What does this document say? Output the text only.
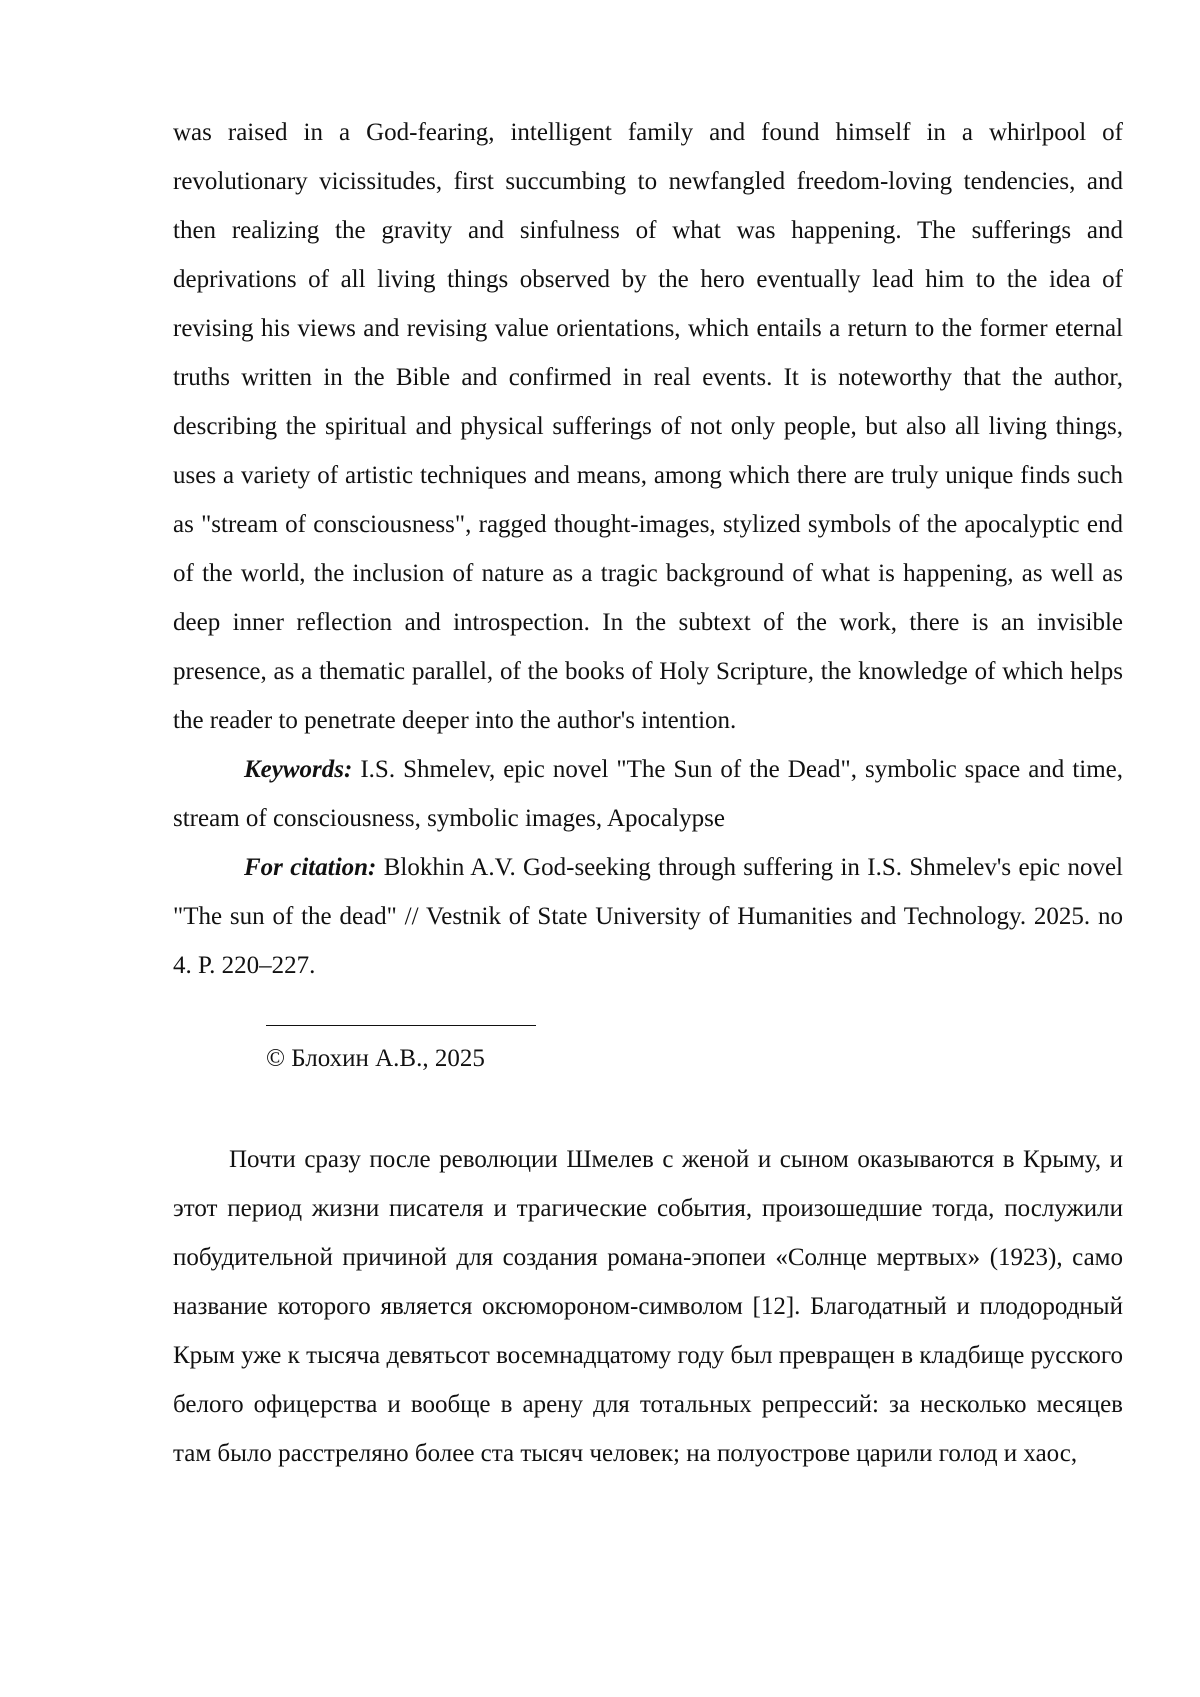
was raised in a God-fearing, intelligent family and found himself in a whirlpool of revolutionary vicissitudes, first succumbing to newfangled freedom-loving tendencies, and then realizing the gravity and sinfulness of what was happening. The sufferings and deprivations of all living things observed by the hero eventually lead him to the idea of revising his views and revising value orientations, which entails a return to the former eternal truths written in the Bible and confirmed in real events. It is noteworthy that the author, describing the spiritual and physical sufferings of not only people, but also all living things, uses a variety of artistic techniques and means, among which there are truly unique finds such as "stream of consciousness", ragged thought-images, stylized symbols of the apocalyptic end of the world, the inclusion of nature as a tragic background of what is happening, as well as deep inner reflection and introspection. In the subtext of the work, there is an invisible presence, as a thematic parallel, of the books of Holy Scripture, the knowledge of which helps the reader to penetrate deeper into the author's intention.

Keywords: I.S. Shmelev, epic novel "The Sun of the Dead", symbolic space and time, stream of consciousness, symbolic images, Apocalypse

For citation: Blokhin A.V. God-seeking through suffering in I.S. Shmelev's epic novel "The sun of the dead" // Vestnik of State University of Humanities and Technology. 2025. no 4. P. 220–227.

© Блохин А.В., 2025

Почти сразу после революции Шмелев с женой и сыном оказываются в Крыму, и этот период жизни писателя и трагические события, произошедшие тогда, послужили побудительной причиной для создания романа-эпопеи «Солнце мертвых» (1923), само название которого является оксюмороном-символом [12]. Благодатный и плодородный Крым уже к тысяча девятьсот восемнадцатому году был превращен в кладбище русского белого офицерства и вообще в арену для тотальных репрессий: за несколько месяцев там было расстреляно более ста тысяч человек; на полуострове царили голод и хаос,
